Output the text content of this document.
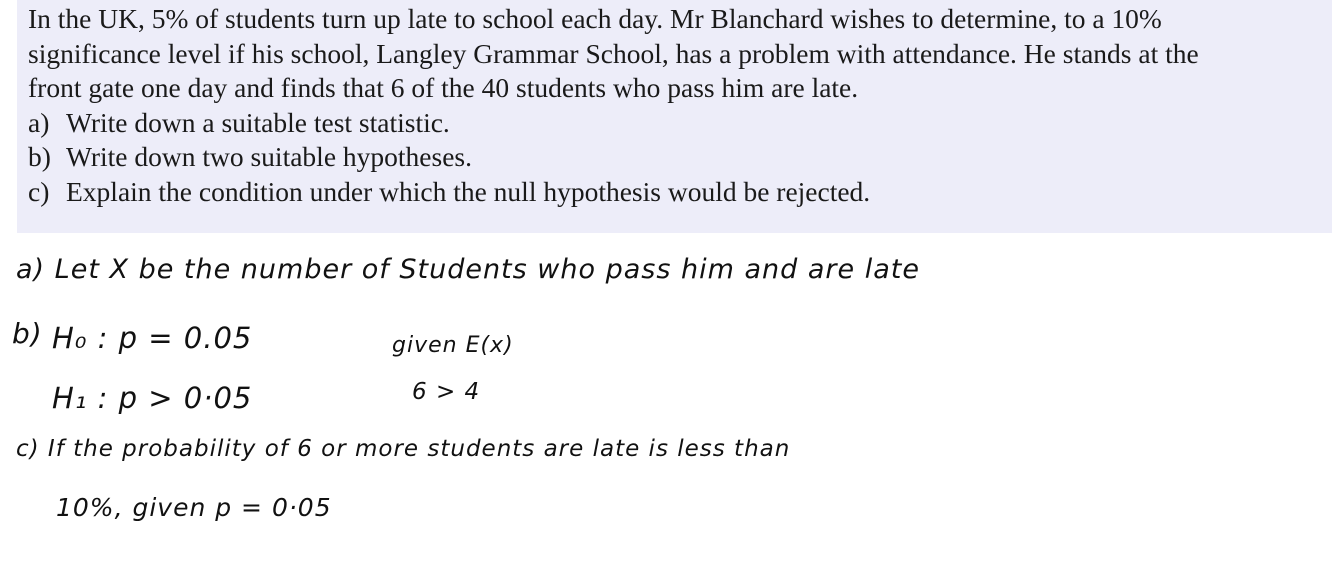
In the UK, 5% of students turn up late to school each day. Mr Blanchard wishes to determine, to a 10%
significance level if his school, Langley Grammar School, has a problem with attendance. He stands at the
front gate one day and finds that 6 of the 40 students who pass him are late.
a) Write down a suitable test statistic.
b) Write down two suitable hypotheses.
c) Explain the condition under which the null hypothesis would be rejected.
a) Let X be the number of Students who pass him and are late
b) H₀ : p = 0.05
H₁ : p > 0·05
given E(x)
6 > 4
c) If the probability of 6 or more students are late is less than
10%, given p = 0·05
